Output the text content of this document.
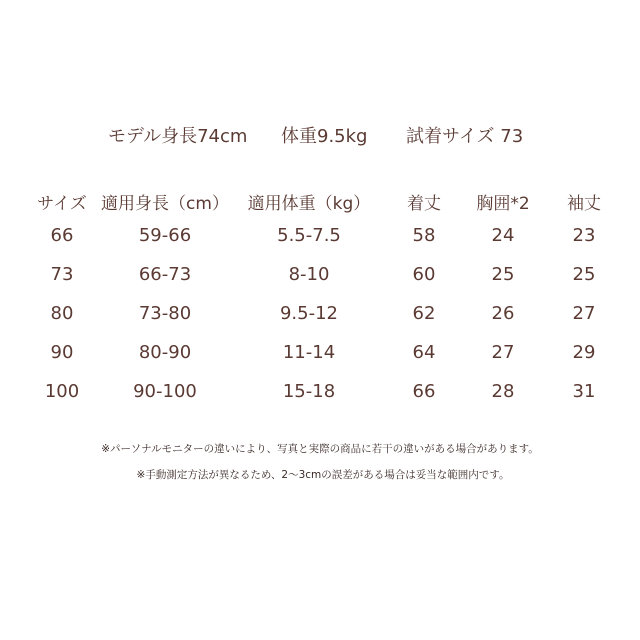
モデル身長74cm 体重9.5kg 試着サイズ 73
サイズ	適用身長（cm）	適用体重（kg）	着丈	胸囲*2	袖丈
66	59-66	5.5-7.5	58	24	23
73	66-73	8-10	60	25	25
80	73-80	9.5-12	62	26	27
90	80-90	11-14	64	27	29
100	90-100	15-18	66	28	31
※パーソナルモニターの違いにより、写真と実際の商品に若干の違いがある場合があります。
※手動測定方法が異なるため、2～3cmの誤差がある場合は妥当な範囲内です。
